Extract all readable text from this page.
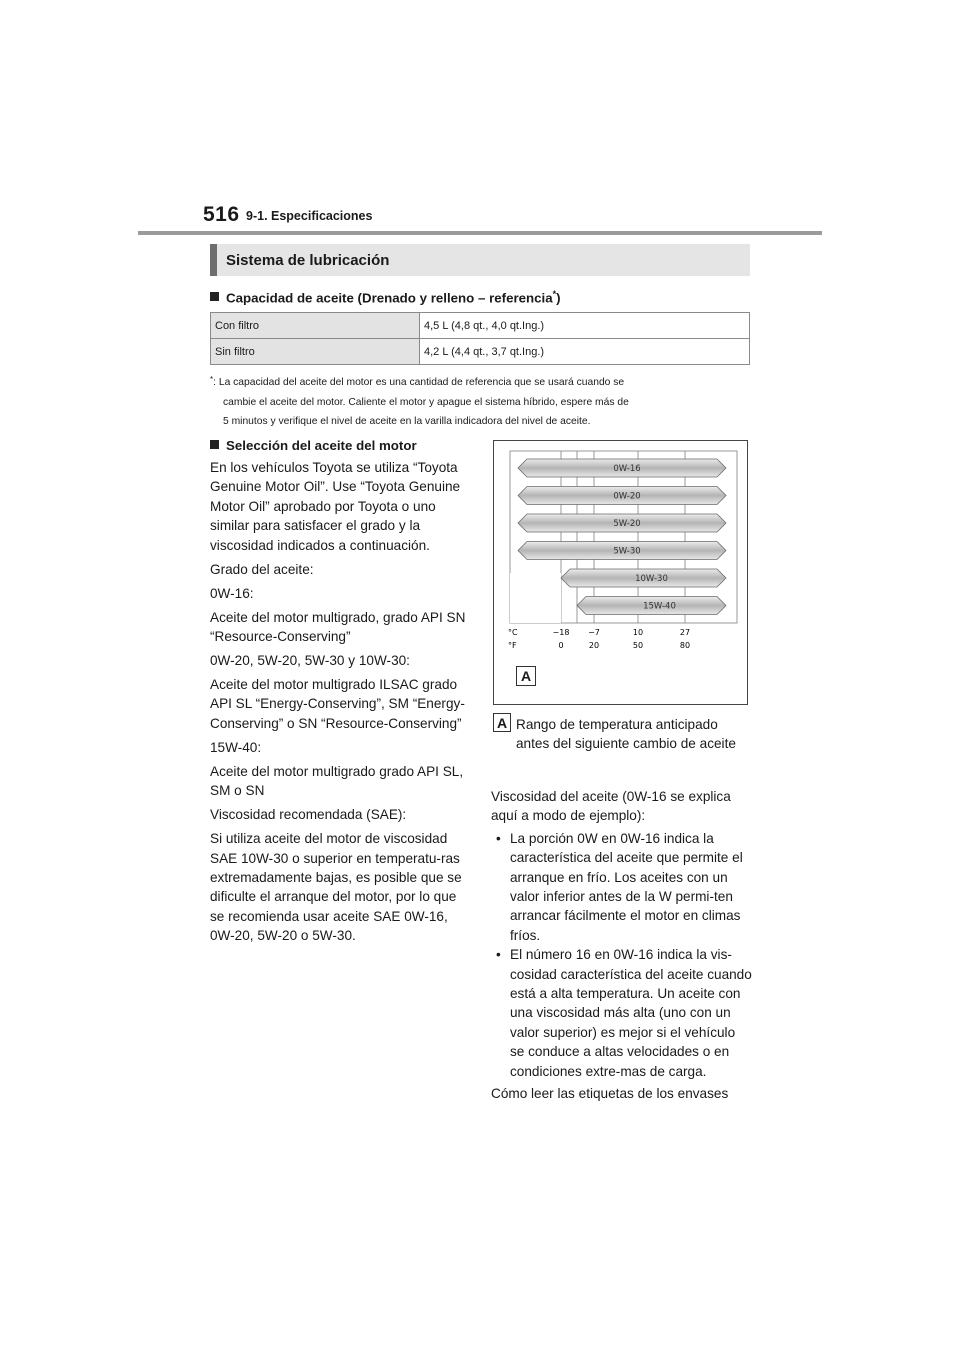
516 9-1. Especificaciones
Sistema de lubricación
Capacidad de aceite (Drenado y relleno – referencia*)
Con filtro	4,5 L (4,8 qt., 4,0 qt.Ing.)
Sin filtro	4,2 L (4,4 qt., 3,7 qt.Ing.)
*: La capacidad del aceite del motor es una cantidad de referencia que se usará cuando se
cambie el aceite del motor. Caliente el motor y apague el sistema híbrido, espere más de
5 minutos y verifique el nivel de aceite en la varilla indicadora del nivel de aceite.
Selección del aceite del motor

En los vehículos Toyota se utiliza “Toyota Genuine Motor Oil”. Use “Toyota Genuine Motor Oil” aprobado por Toyota o uno similar para satisfacer el grado y la viscosidad indicados a continuación.

Grado del aceite:

0W-16:

Aceite del motor multigrado, grado API SN “Resource-Conserving”

0W-20, 5W-20, 5W-30 y 10W-30:

Aceite del motor multigrado ILSAC grado API SL “Energy-Conserving”, SM “Energy-Conserving” o SN “Resource-Conserving”

15W-40:

Aceite del motor multigrado grado API SL, SM o SN

Viscosidad recomendada (SAE):

Si utiliza aceite del motor de viscosidad SAE 10W-30 o superior en temperatu-ras extremadamente bajas, es posible que se dificulte el arranque del motor, por lo que se recomienda usar aceite SAE 0W-16, 0W-20, 5W-20 o 5W-30.

0W-16
0W-20
5W-20
5W-30
10W-30
15W-40
°C
°F
−18 −7	10	27
0	20	50	80
A
A Rango de temperatura anticipado antes del siguiente cambio de aceite

Viscosidad del aceite (0W-16 se explica aquí a modo de ejemplo):

• La porción 0W en 0W-16 indica la característica del aceite que permite el arranque en frío. Los aceites con un valor inferior antes de la W permi-ten arrancar fácilmente el motor en climas fríos.
• El número 16 en 0W-16 indica la vis-cosidad característica del aceite cuando está a alta temperatura. Un aceite con una viscosidad más alta (uno con un valor superior) es mejor si el vehículo se conduce a altas velocidades o en condiciones extre-mas de carga.

Cómo leer las etiquetas de los envases
